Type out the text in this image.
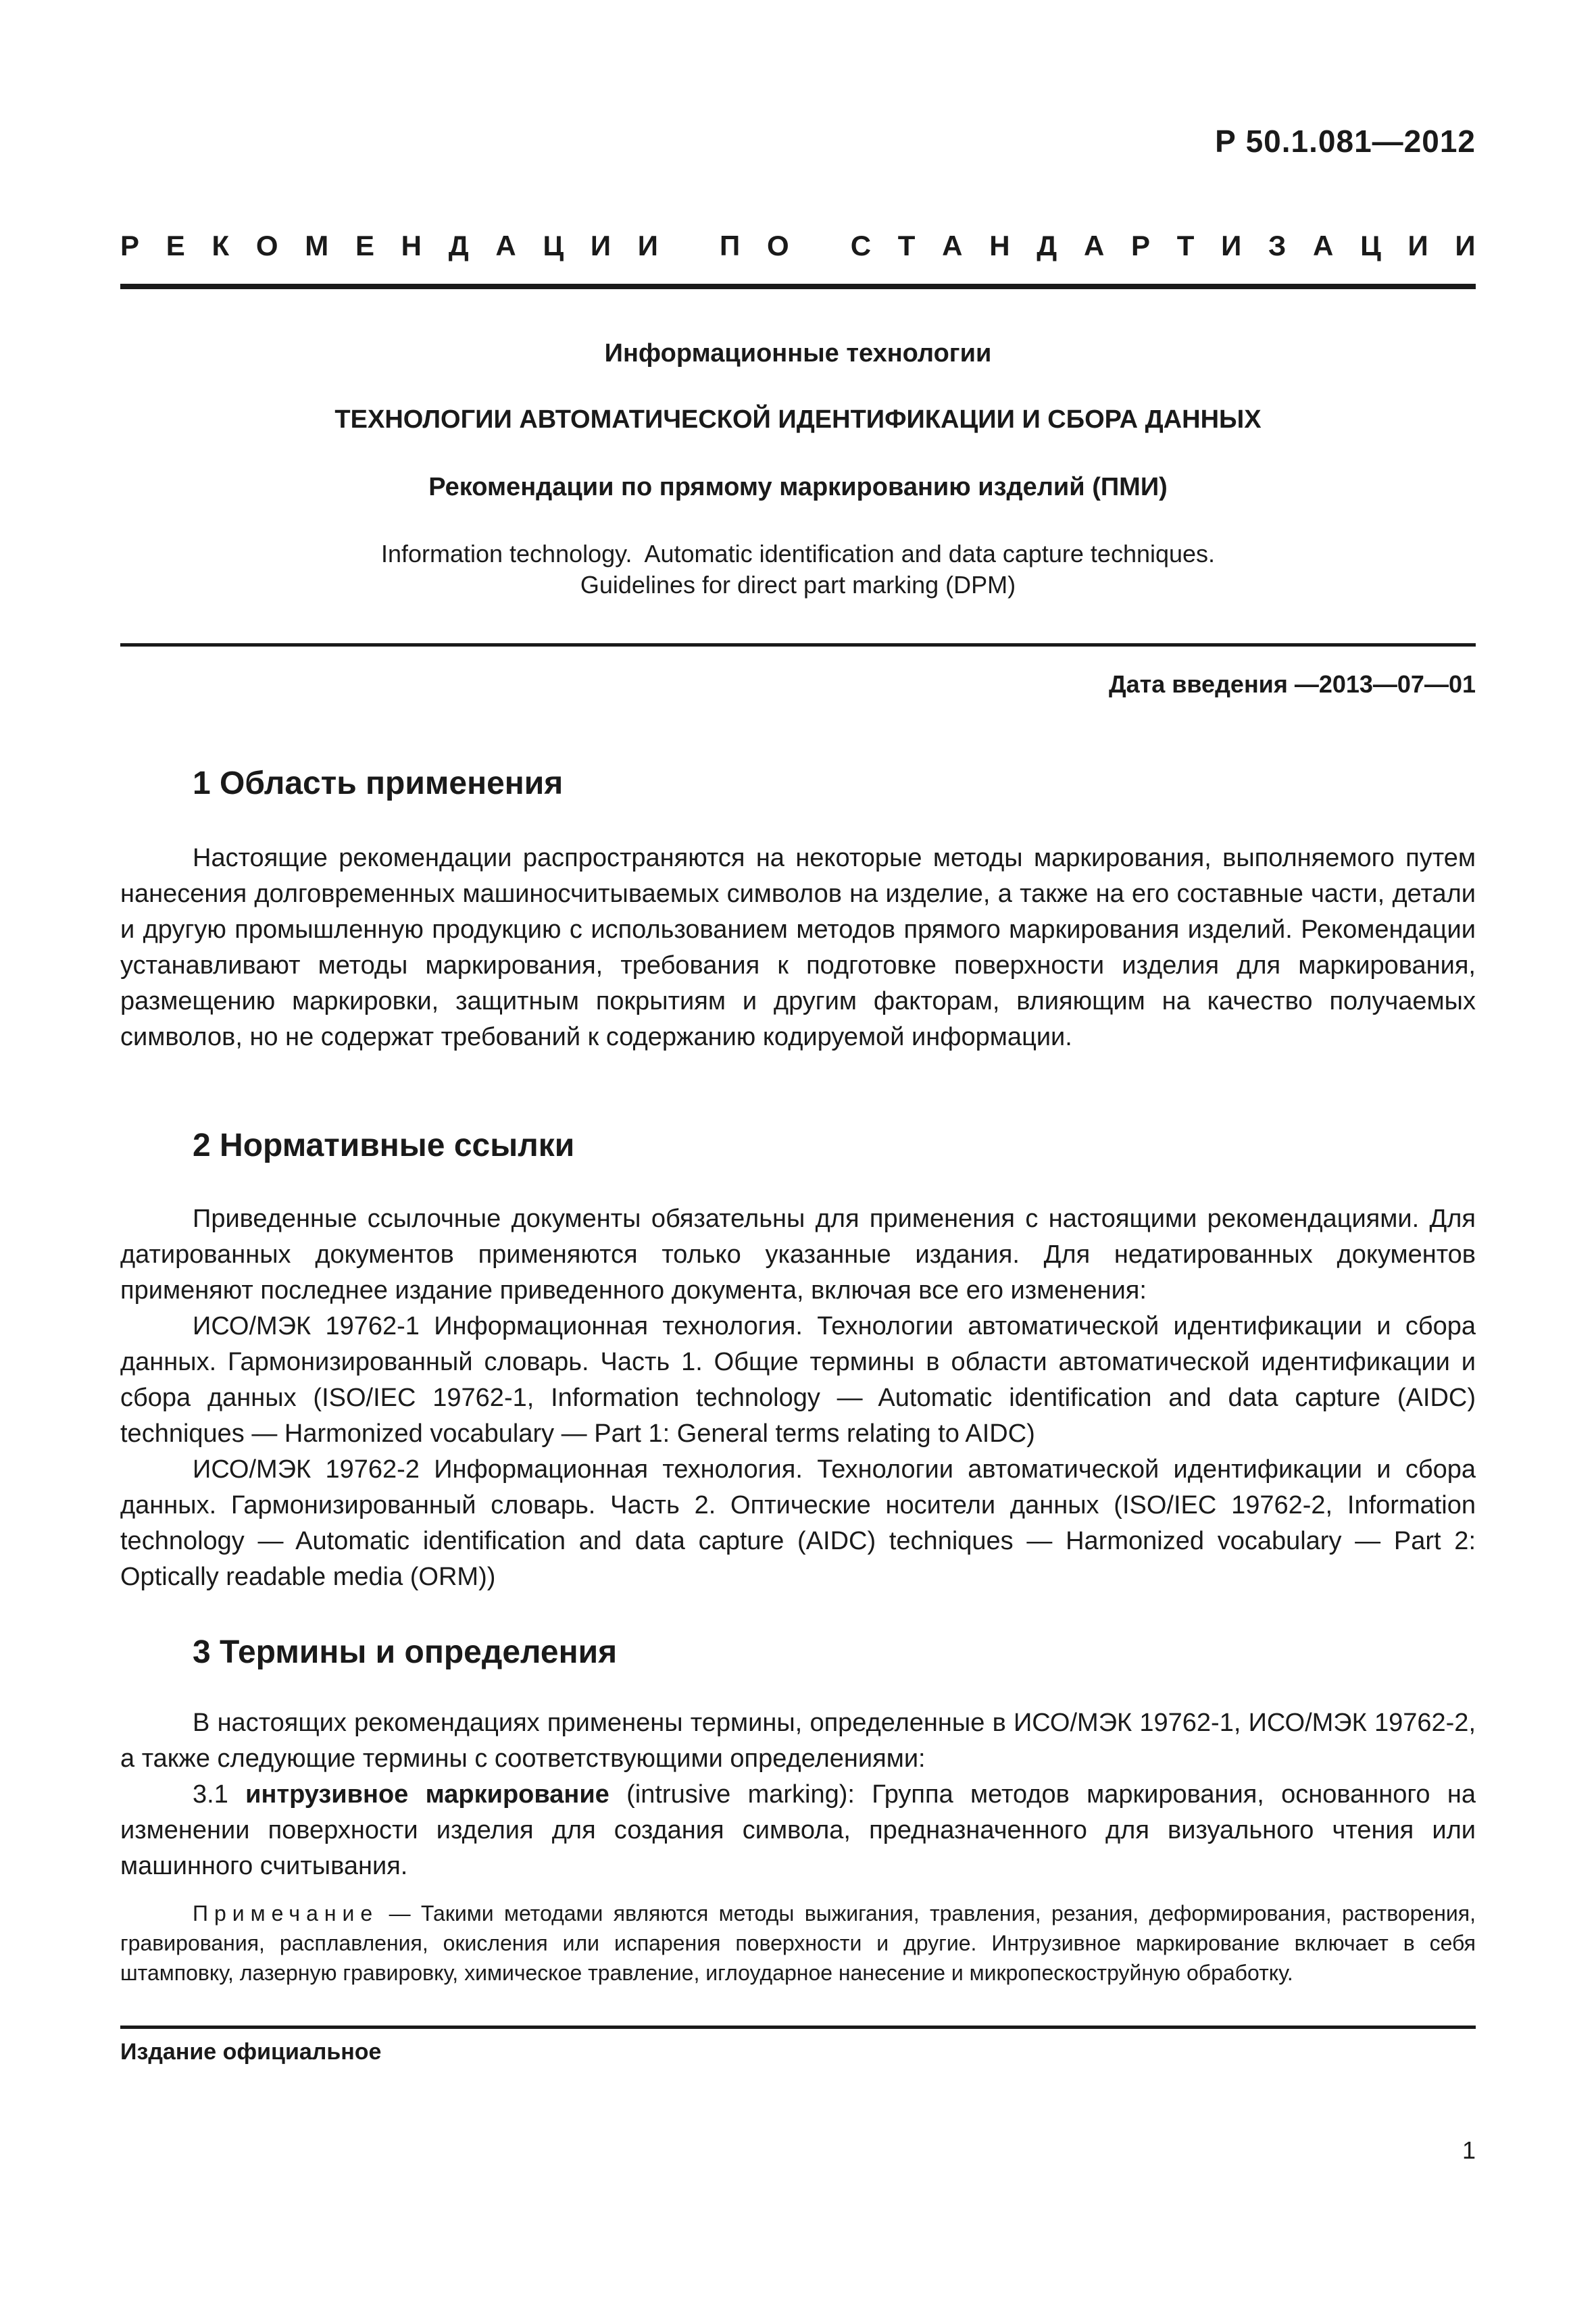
Р 50.1.081—2012
Р Е К О М Е Н Д А Ц И И
П О
С Т А Н Д А Р Т И З А Ц И И
Информационные технологии
ТЕХНОЛОГИИ АВТОМАТИЧЕСКОЙ ИДЕНТИФИКАЦИИ И СБОРА ДАННЫХ
Рекомендации по прямому маркированию изделий (ПМИ)
Information technology.  Automatic identification and data capture techniques.
Guidelines for direct part marking (DPM)
Дата введения —2013—07—01
1 Область применения

Настоящие рекомендации распространяются на некоторые методы маркирования, выполняемого путем нанесения долговременных машиносчитываемых символов на изделие, а также на его составные части, детали и другую промышленную продукцию с использованием методов прямого маркирования изделий. Рекомендации устанавливают методы маркирования, требования к подготовке поверхности изделия для маркирования, размещению маркировки, защитным покрытиям и другим факторам, влияющим на качество получаемых символов, но не содержат требований к содержанию кодируемой информации.

2 Нормативные ссылки

Приведенные ссылочные документы обязательны для применения с настоящими рекомендациями. Для датированных документов применяются только указанные издания. Для недатированных документов применяют последнее издание приведенного документа, включая все его изменения:

ИСО/МЭК 19762-1 Информационная технология. Технологии автоматической идентификации и сбора данных. Гармонизированный словарь. Часть 1. Общие термины в области автоматической идентификации и сбора данных (ISO/IEC 19762-1, Information technology — Automatic identification and data capture (AIDC) techniques — Harmonized vocabulary — Part 1: General terms relating to AIDC)

ИСО/МЭК 19762-2 Информационная технология. Технологии автоматической идентификации и сбора данных. Гармонизированный словарь. Часть 2. Оптические носители данных (ISO/IEC 19762-2, Information technology — Automatic identification and data capture (AIDC) techniques — Harmonized vocabulary — Part 2: Optically readable media (ORM))

3 Термины и определения

В настоящих рекомендациях применены термины, определенные в ИСО/МЭК 19762-1, ИСО/МЭК 19762-2, а также следующие термины с соответствующими определениями:

3.1 интрузивное маркирование (intrusive marking): Группа методов маркирования, основанного на изменении поверхности изделия для создания символа, предназначенного для визуального чтения или машинного считывания.

Примечание — Такими методами являются методы выжигания, травления, резания, деформирования, растворения, гравирования, расплавления, окисления или испарения поверхности и другие. Интрузивное маркирование включает в себя штамповку, лазерную гравировку, химическое травление, иглоударное нанесение и микропескоструйную обработку.

Издание официальное
1
